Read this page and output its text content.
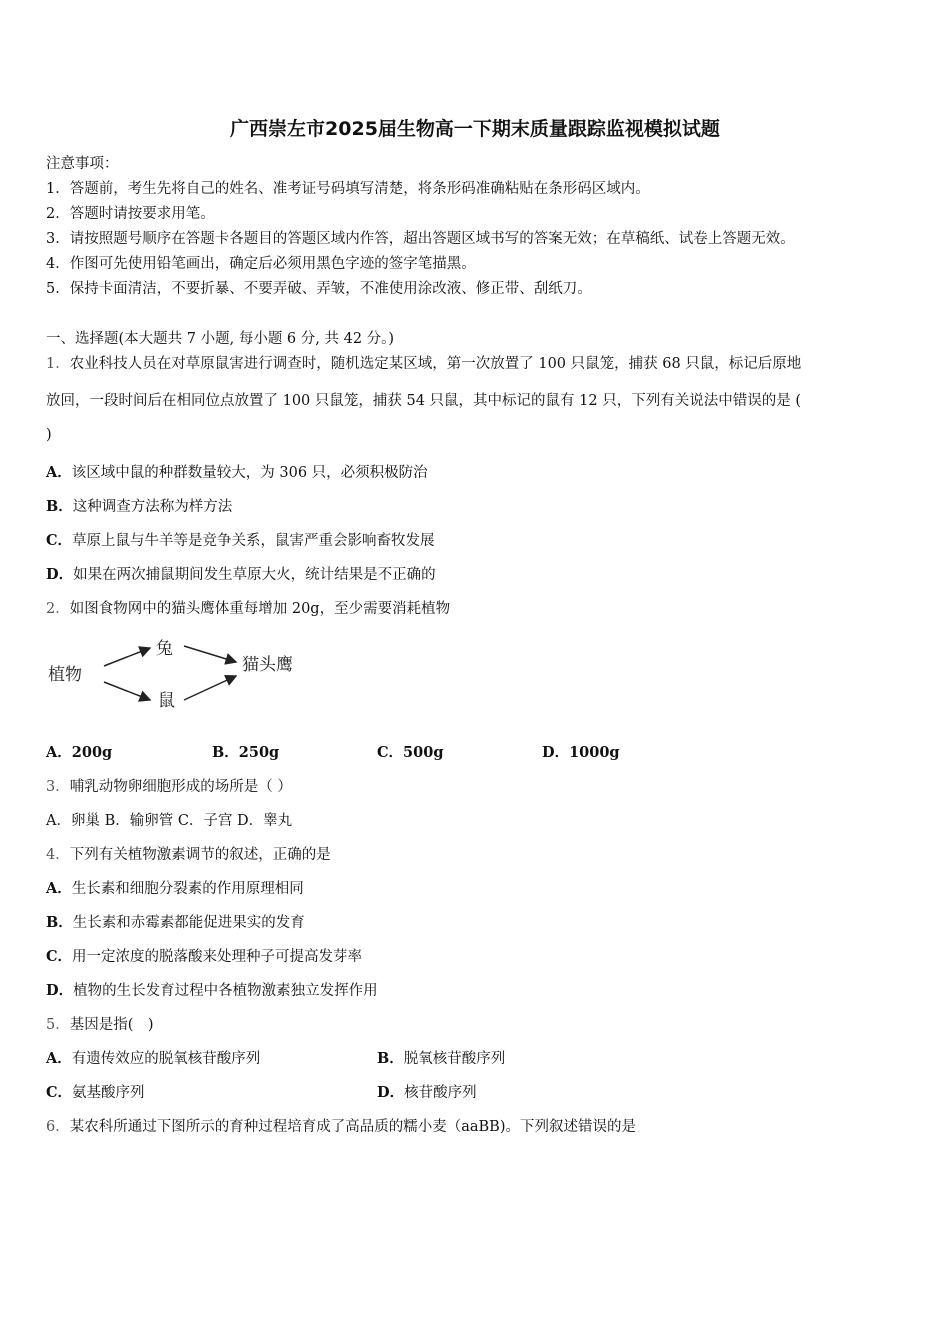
广西崇左市2025届生物高一下期末质量跟踪监视模拟试题
注意事项：
1．答题前，考生先将自己的姓名、准考证号码填写清楚，将条形码准确粘贴在条形码区域内。
2．答题时请按要求用笔。
3．请按照题号顺序在答题卡各题目的答题区域内作答，超出答题区域书写的答案无效；在草稿纸、试卷上答题无效。
4．作图可先使用铅笔画出，确定后必须用黑色字迹的签字笔描黑。
5．保持卡面清洁，不要折暴、不要弄破、弄皱，不准使用涂改液、修正带、刮纸刀。
一、选择题(本大题共 7 小题, 每小题 6 分, 共 42 分。)
1．农业科技人员在对草原鼠害进行调查时，随机选定某区域，第一次放置了 100 只鼠笼，捕获 68 只鼠，标记后原地
放回，一段时间后在相同位点放置了 100 只鼠笼，捕获 54 只鼠，其中标记的鼠有 12 只，下列有关说法中错误的是 (
)
A．该区域中鼠的种群数量较大，为 306 只，必须积极防治
B．这种调查方法称为样方法
C．草原上鼠与牛羊等是竞争关系，鼠害严重会影响畜牧发展
D．如果在两次捕鼠期间发生草原大火，统计结果是不正确的
2．如图食物网中的猫头鹰体重每增加 20g，至少需要消耗植物
植物
兔
鼠
猫头鹰
A．200g	B．250g	C．500g	D．1000g
3．哺乳动物卵细胞形成的场所是（ ）
A．卵巢 B．输卵管 C．子宫 D．睾丸
4．下列有关植物激素调节的叙述，正确的是
A．生长素和细胞分裂素的作用原理相同
B．生长素和赤霉素都能促进果实的发育
C．用一定浓度的脱落酸来处理种子可提高发芽率
D．植物的生长发育过程中各植物激素独立发挥作用
5．基因是指(　)
A．有遗传效应的脱氧核苷酸序列	B．脱氧核苷酸序列
C．氨基酸序列	D．核苷酸序列
6．某农科所通过下图所示的育种过程培育成了高品质的糯小麦（aaBB)。下列叙述错误的是
